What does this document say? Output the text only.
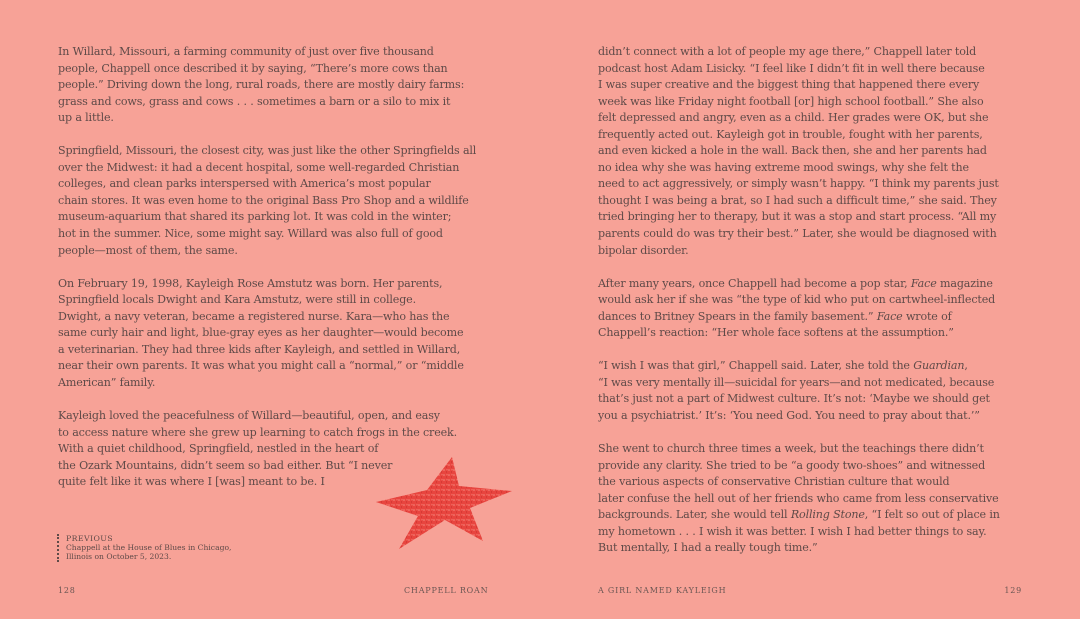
In Willard, Missouri, a farming community of just over five thousand
people, Chappell once described it by saying, “There’s more cows than
people.” Driving down the long, rural roads, there are mostly dairy farms:
grass and cows, grass and cows . . . sometimes a barn or a silo to mix it
up a little.

Springfield, Missouri, the closest city, was just like the other Springfields all
over the Midwest: it had a decent hospital, some well-regarded Christian
colleges, and clean parks interspersed with America’s most popular
chain stores. It was even home to the original Bass Pro Shop and a wildlife
museum-aquarium that shared its parking lot. It was cold in the winter;
hot in the summer. Nice, some might say. Willard was also full of good
people—most of them, the same.

On February 19, 1998, Kayleigh Rose Amstutz was born. Her parents,
Springfield locals Dwight and Kara Amstutz, were still in college.
Dwight, a navy veteran, became a registered nurse. Kara—who has the
same curly hair and light, blue-gray eyes as her daughter—would become
a veterinarian. They had three kids after Kayleigh, and settled in Willard,
near their own parents. It was what you might call a “normal,” or “middle
American” family.

Kayleigh loved the peacefulness of Willard—beautiful, open, and easy
to access nature where she grew up learning to catch frogs in the creek.
With a quiet childhood, Springfield, nestled in the heart of
the Ozark Mountains, didn’t seem so bad either. But “I never
quite felt like it was where I [was] meant to be. I

PREVIOUS
Chappell at the House of Blues in Chicago,
Illinois on October 5, 2023.
128	CHAPPELL ROAN

didn’t connect with a lot of people my age there,” Chappell later told
podcast host Adam Lisicky. “I feel like I didn’t fit in well there because
I was super creative and the biggest thing that happened there every
week was like Friday night football [or] high school football.” She also
felt depressed and angry, even as a child. Her grades were OK, but she
frequently acted out. Kayleigh got in trouble, fought with her parents,
and even kicked a hole in the wall. Back then, she and her parents had
no idea why she was having extreme mood swings, why she felt the
need to act aggressively, or simply wasn’t happy. “I think my parents just
thought I was being a brat, so I had such a difficult time,” she said. They
tried bringing her to therapy, but it was a stop and start process. “All my
parents could do was try their best.” Later, she would be diagnosed with
bipolar disorder.

After many years, once Chappell had become a pop star, Face magazine
would ask her if she was “the type of kid who put on cartwheel-inflected
dances to Britney Spears in the family basement.” Face wrote of
Chappell’s reaction: “Her whole face softens at the assumption.”

“I wish I was that girl,” Chappell said. Later, she told the Guardian,
“I was very mentally ill—suicidal for years—and not medicated, because
that’s just not a part of Midwest culture. It’s not: ‘Maybe we should get
you a psychiatrist.’ It’s: ‘You need God. You need to pray about that.’”

She went to church three times a week, but the teachings there didn’t
provide any clarity. She tried to be “a goody two-shoes” and witnessed
the various aspects of conservative Christian culture that would
later confuse the hell out of her friends who came from less conservative
backgrounds. Later, she would tell Rolling Stone, “I felt so out of place in
my hometown . . . I wish it was better. I wish I had better things to say.
But mentally, I had a really tough time.”

A GIRL NAMED KAYLEIGH	129
